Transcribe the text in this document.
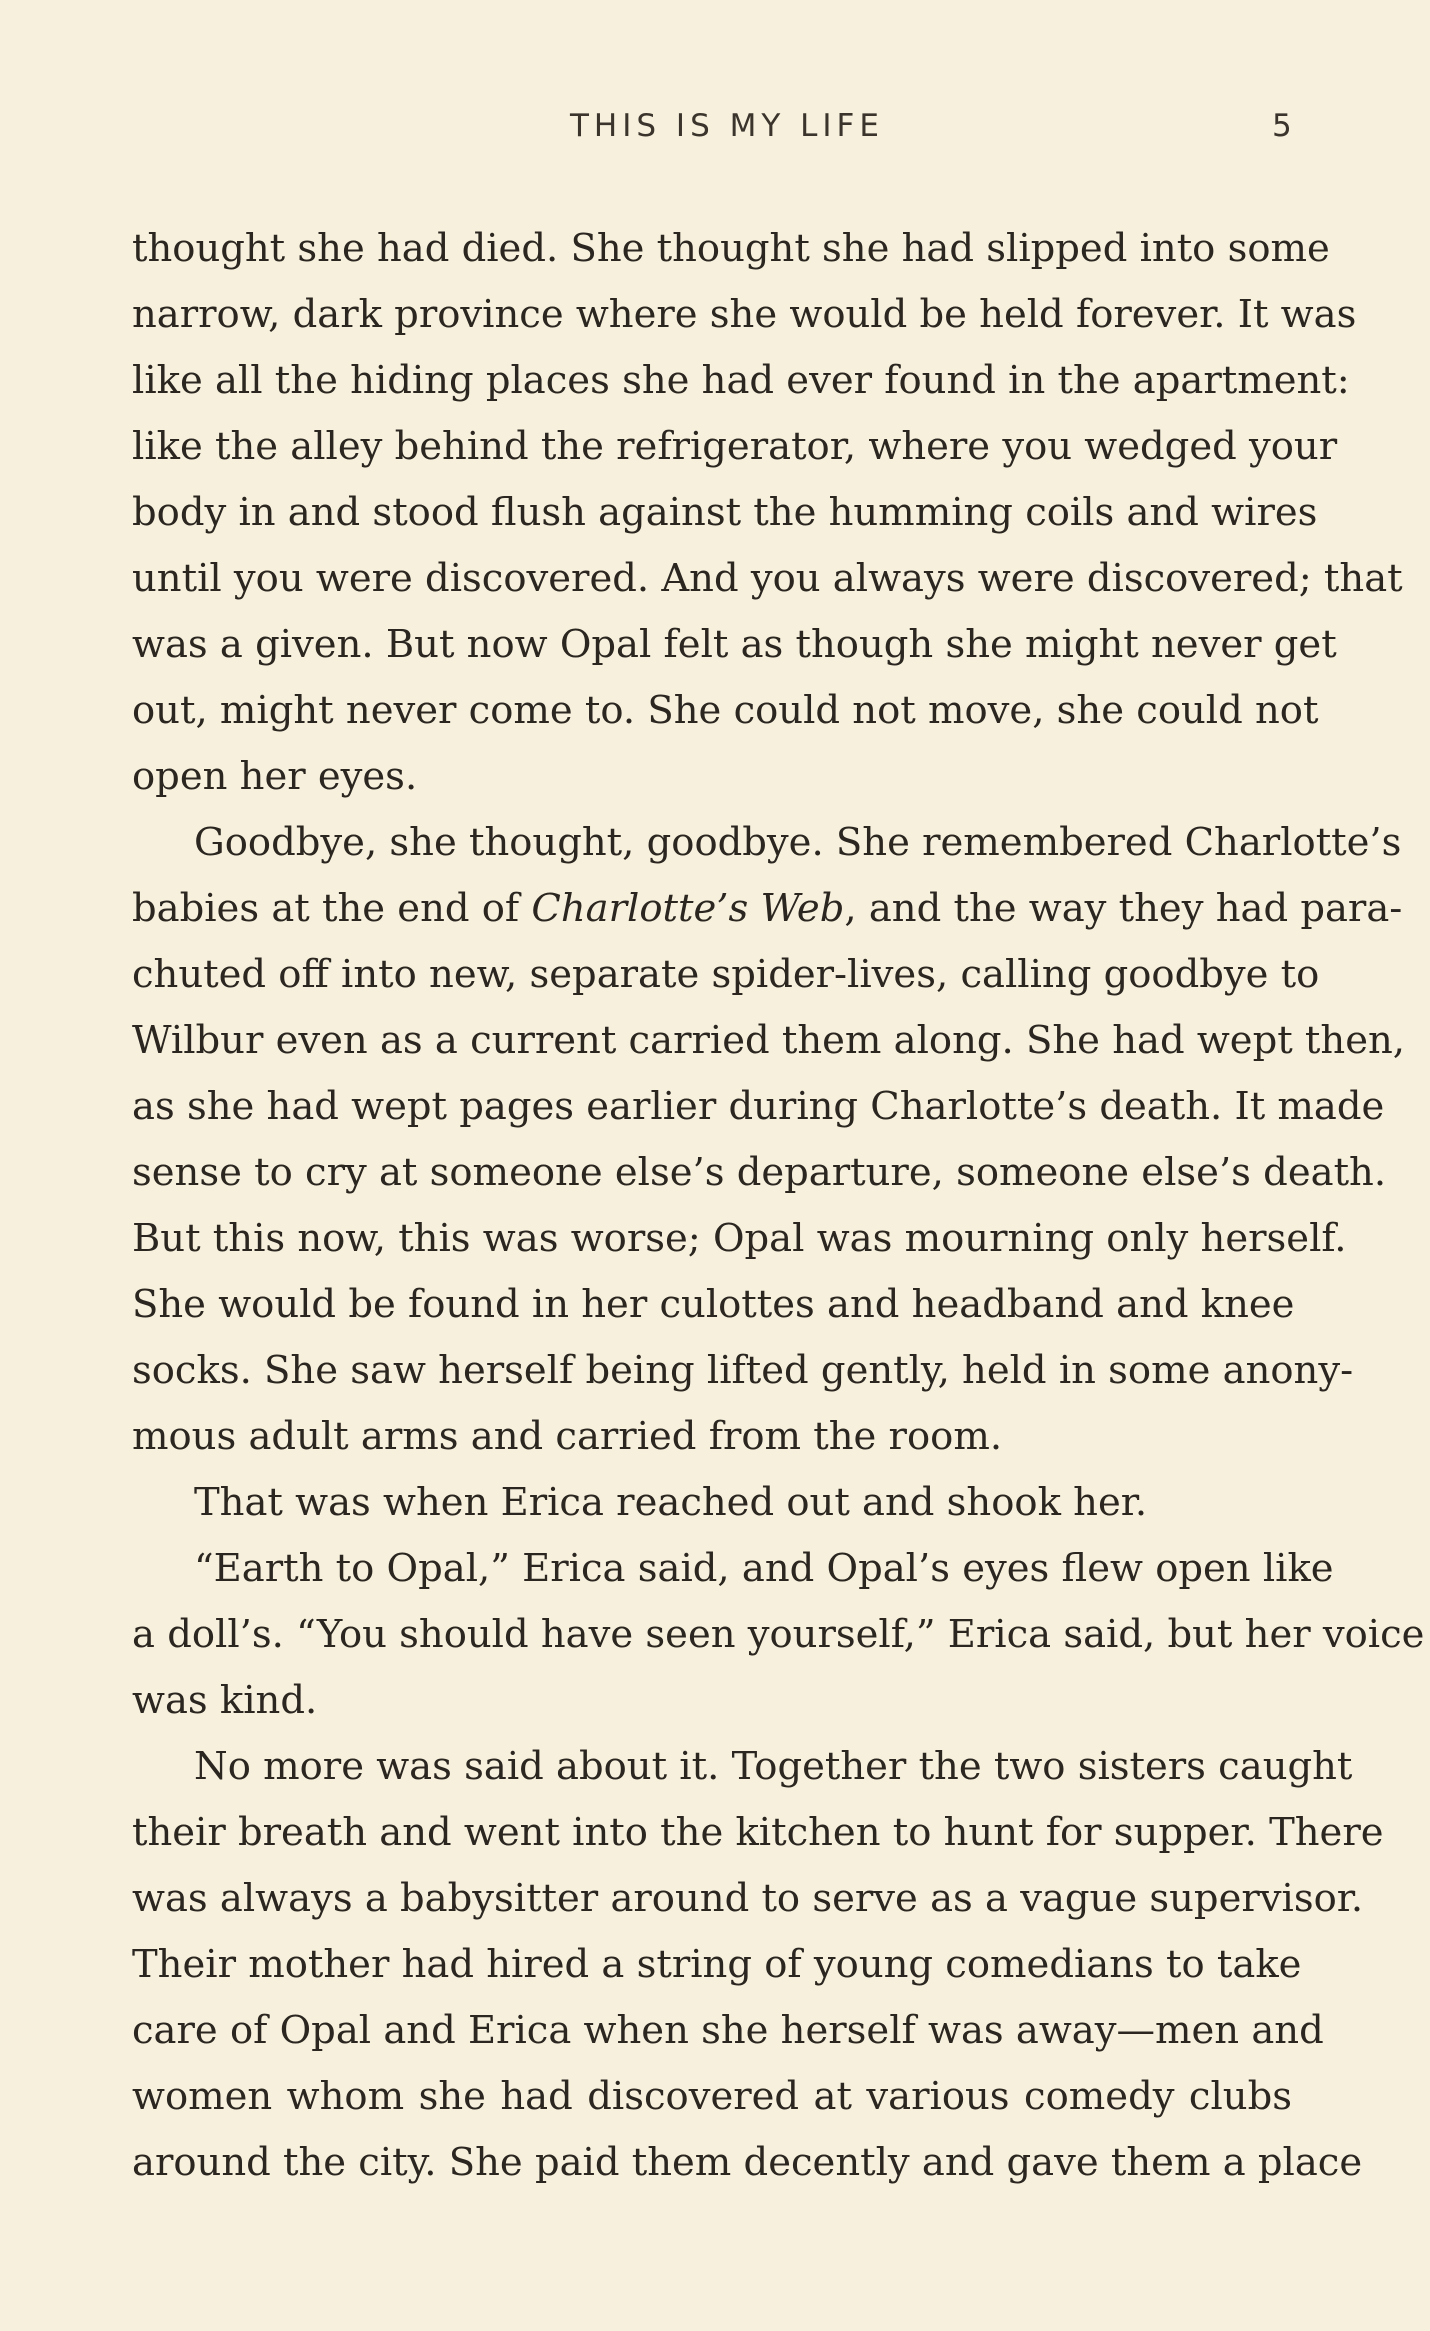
THIS IS MY LIFE	5
thought she had died. She thought she had slipped into some
narrow, dark province where she would be held forever. It was
like all the hiding places she had ever found in the apartment:
like the alley behind the refrigerator, where you wedged your
body in and stood flush against the humming coils and wires
until you were discovered. And you always were discovered; that
was a given. But now Opal felt as though she might never get
out, might never come to. She could not move, she could not
open her eyes.
Goodbye, she thought, goodbye. She remembered Charlotte’s
babies at the end of Charlotte’s Web, and the way they had para-
chuted off into new, separate spider-lives, calling goodbye to
Wilbur even as a current carried them along. She had wept then,
as she had wept pages earlier during Charlotte’s death. It made
sense to cry at someone else’s departure, someone else’s death.
But this now, this was worse; Opal was mourning only herself.
She would be found in her culottes and headband and knee
socks. She saw herself being lifted gently, held in some anony-
mous adult arms and carried from the room.
That was when Erica reached out and shook her.
“Earth to Opal,” Erica said, and Opal’s eyes flew open like
a doll’s. “You should have seen yourself,” Erica said, but her voice
was kind.
No more was said about it. Together the two sisters caught
their breath and went into the kitchen to hunt for supper. There
was always a babysitter around to serve as a vague supervisor.
Their mother had hired a string of young comedians to take
care of Opal and Erica when she herself was away—men and
women whom she had discovered at various comedy clubs
around the city. She paid them decently and gave them a place
